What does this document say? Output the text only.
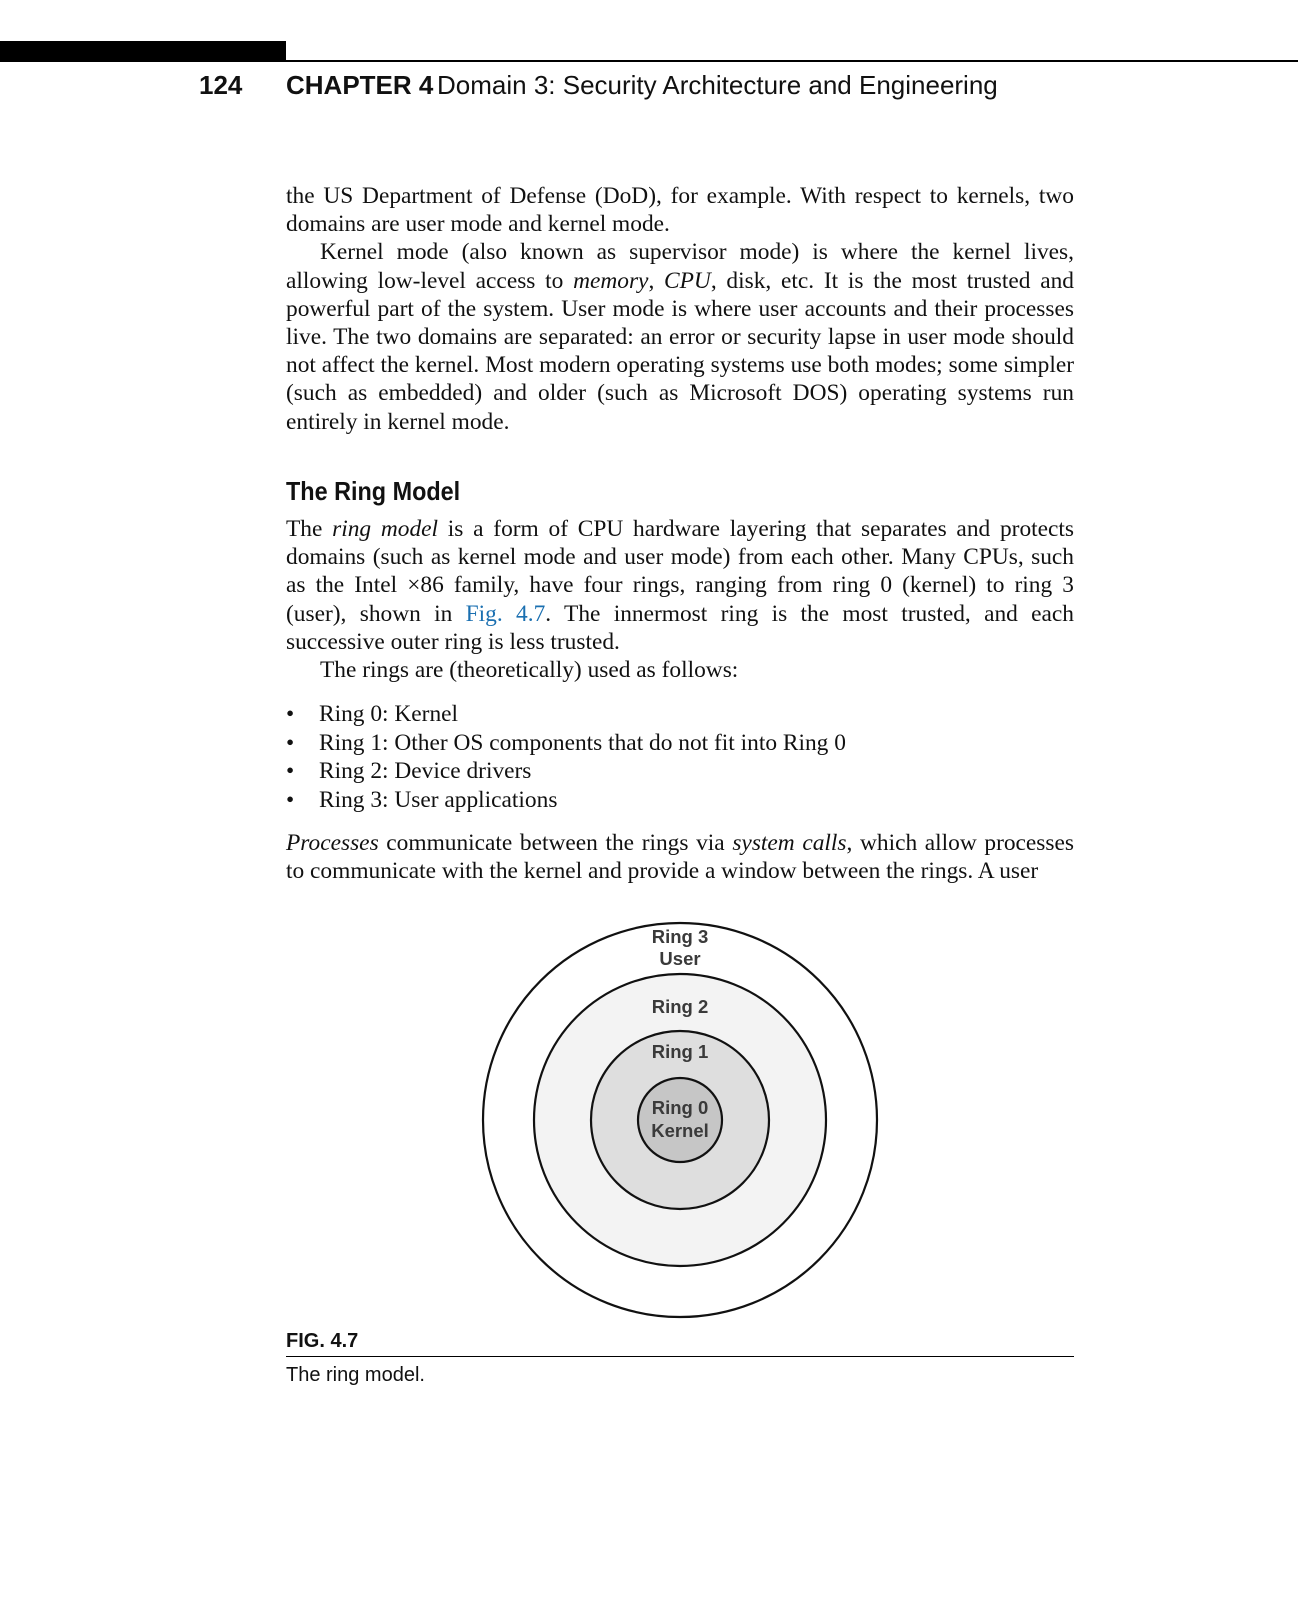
124 CHAPTER 4 Domain 3: Security Architecture and Engineering

the US Department of Defense (DoD), for example. With respect to kernels, two domains are user mode and kernel mode.

Kernel mode (also known as supervisor mode) is where the kernel lives, allowing low-level access to memory, CPU, disk, etc. It is the most trusted and powerful part of the system. User mode is where user accounts and their processes live. The two domains are separated: an error or security lapse in user mode should not affect the kernel. Most modern operating systems use both modes; some simpler (such as embedded) and older (such as Microsoft DOS) operating systems run entirely in kernel mode.

The Ring Model

The ring model is a form of CPU hardware layering that separates and protects domains (such as kernel mode and user mode) from each other. Many CPUs, such as the Intel ×86 family, have four rings, ranging from ring 0 (kernel) to ring 3 (user), shown in Fig. 4.7. The innermost ring is the most trusted, and each successive outer ring is less trusted.

The rings are (theoretically) used as follows:

• Ring 0: Kernel
• Ring 1: Other OS components that do not fit into Ring 0
• Ring 2: Device drivers
• Ring 3: User applications

Processes communicate between the rings via system calls, which allow processes to communicate with the kernel and provide a window between the rings. A user

Ring 3
User
Ring 2
Ring 1
Ring 0
Kernel
FIG. 4.7
The ring model.
